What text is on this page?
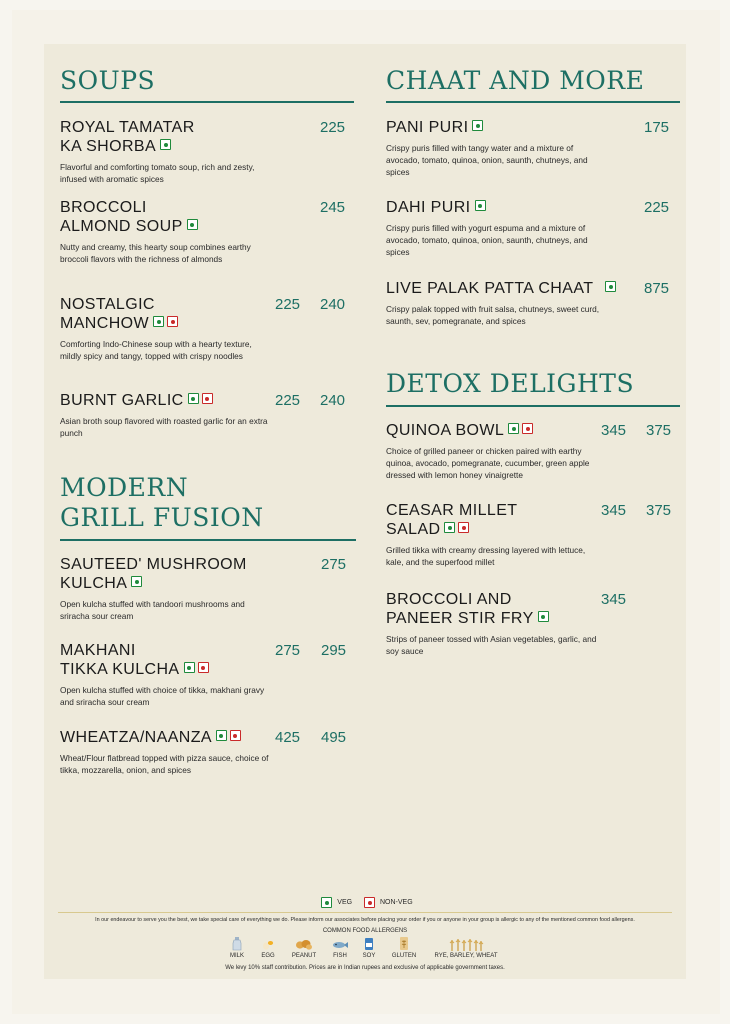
SOUPS
ROYAL TAMATAR
KA SHORBA
225
Flavorful and comforting tomato soup, rich and zesty, infused with aromatic spices
BROCCOLI
ALMOND SOUP
245
Nutty and creamy, this hearty soup combines earthy broccoli flavors with the richness of almonds
NOSTALGIC
MANCHOW
225 240
Comforting Indo-Chinese soup with a hearty texture, mildly spicy and tangy, topped with crispy noodles
BURNT GARLIC	225 240
Asian broth soup flavored with roasted garlic for an extra punch
MODERN
GRILL FUSION
SAUTEED' MUSHROOM
KULCHA
275
Open kulcha stuffed with tandoori mushrooms and sriracha sour cream
MAKHANI
TIKKA KULCHA
275 295
Open kulcha stuffed with choice of tikka, makhani gravy and sriracha sour cream
WHEATZA/NAANZA	425 495
Wheat/Flour flatbread topped with pizza sauce, choice of tikka, mozzarella, onion, and spices
CHAAT AND MORE
PANI PURI	175
Crispy puris filled with tangy water and a mixture of avocado, tomato, quinoa, onion, saunth, chutneys, and spices
DAHI PURI	225
Crispy puris filled with yogurt espuma and a mixture of avocado, tomato, quinoa, onion, saunth, chutneys, and spices
LIVE PALAK PATTA CHAAT	875
Crispy palak topped with fruit salsa, chutneys, sweet curd, saunth, sev, pomegranate, and spices
DETOX DELIGHTS
QUINOA BOWL	345 375
Choice of grilled paneer or chicken paired with earthy quinoa, avocado, pomegranate, cucumber, green apple dressed with lemon honey vinaigrette
CEASAR MILLET
SALAD
345 375
Grilled tikka with creamy dressing layered with lettuce, kale, and the superfood millet
BROCCOLI AND
PANEER STIR FRY
345
Strips of paneer tossed with Asian vegetables, garlic, and soy sauce
VEG	NON-VEG
In our endeavour to serve you the best, we take special care of everything we do. Please inform our associates before placing your order if you or anyone in your group is allergic to any of the mentioned common food allergens.
COMMON FOOD ALLERGENS
MILK	EGG	PEANUT	FISH	SOY	GLUTEN	RYE, BARLEY, WHEAT
We levy 10% staff contribution. Prices are in Indian rupees and exclusive of applicable government taxes.
